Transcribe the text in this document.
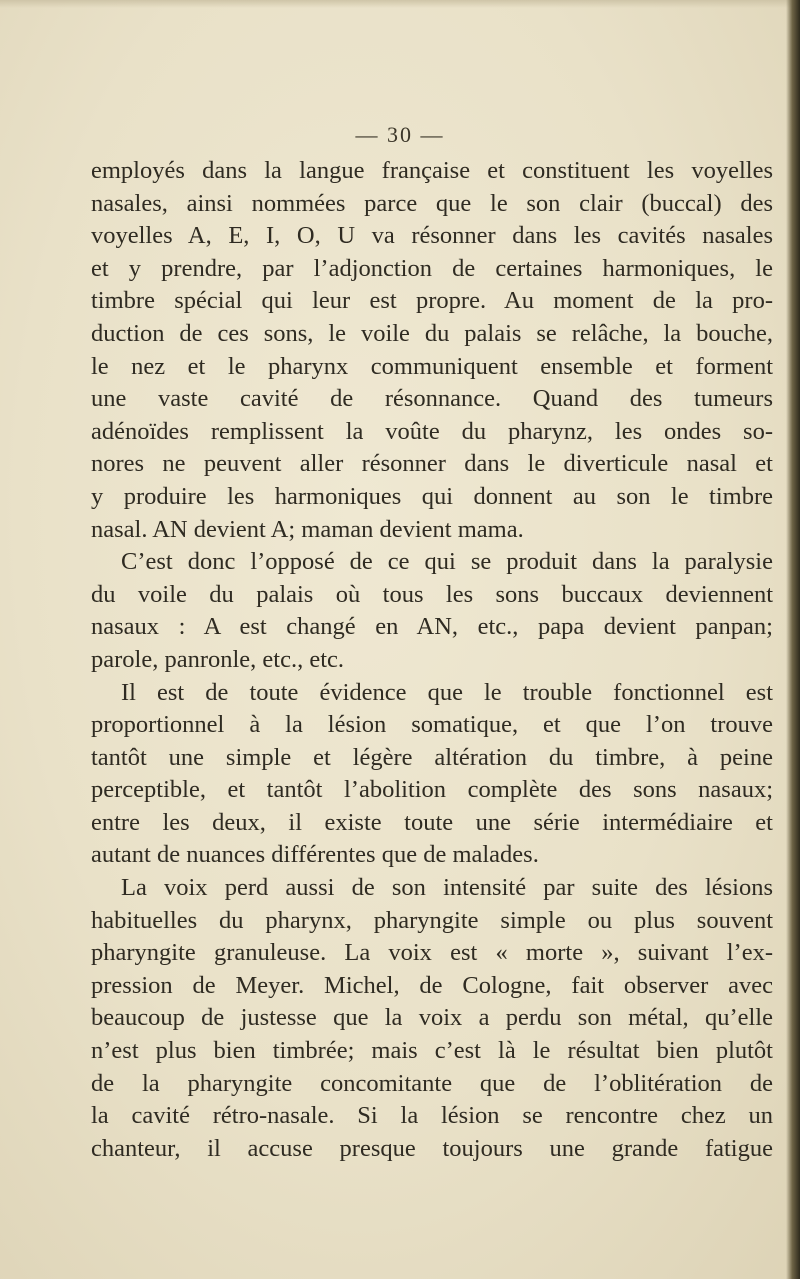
— 30 —
employés dans la langue française et constituent les voyelles
nasales, ainsi nommées parce que le son clair (buccal) des
voyelles A, E, I, O, U va résonner dans les cavités nasales
et y prendre, par l’adjonction de certaines harmoniques, le
timbre spécial qui leur est propre. Au moment de la pro-
duction de ces sons, le voile du palais se relâche, la bouche,
le nez et le pharynx communiquent ensemble et forment
une vaste cavité de résonnance. Quand des tumeurs
adénoïdes remplissent la voûte du pharynz, les ondes so-
nores ne peuvent aller résonner dans le diverticule nasal et
y produire les harmoniques qui donnent au son le timbre
nasal. AN devient A; maman devient mama.
C’est donc l’opposé de ce qui se produit dans la paralysie
du voile du palais où tous les sons buccaux deviennent
nasaux : A est changé en AN, etc., papa devient panpan;
parole, panronle, etc., etc.
Il est de toute évidence que le trouble fonctionnel est
proportionnel à la lésion somatique, et que l’on trouve
tantôt une simple et légère altération du timbre, à peine
perceptible, et tantôt l’abolition complète des sons nasaux;
entre les deux, il existe toute une série intermédiaire et
autant de nuances différentes que de malades.
La voix perd aussi de son intensité par suite des lésions
habituelles du pharynx, pharyngite simple ou plus souvent
pharyngite granuleuse. La voix est « morte », suivant l’ex-
pression de Meyer. Michel, de Cologne, fait observer avec
beaucoup de justesse que la voix a perdu son métal, qu’elle
n’est plus bien timbrée; mais c’est là le résultat bien plutôt
de la pharyngite concomitante que de l’oblitération de
la cavité rétro-nasale. Si la lésion se rencontre chez un
chanteur, il accuse presque toujours une grande fatigue
